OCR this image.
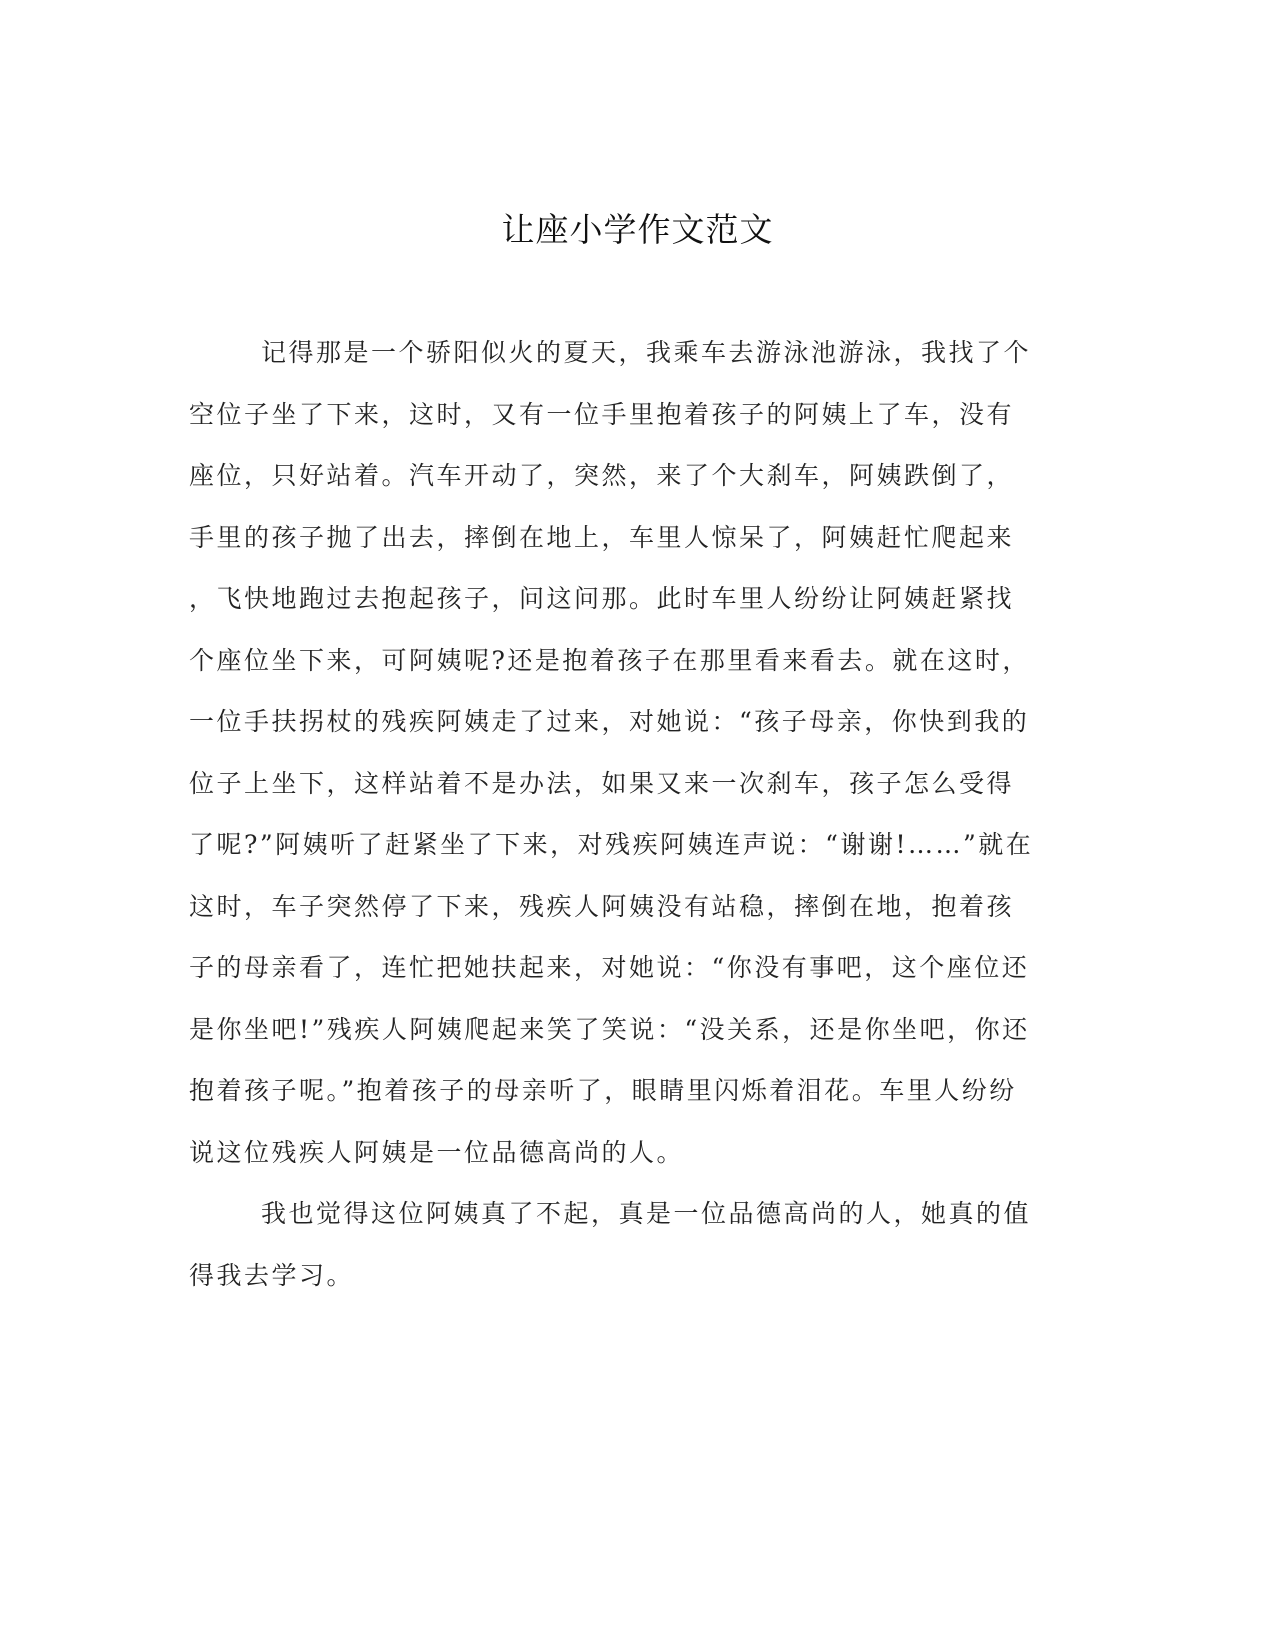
让座小学作文范文
记得那是一个骄阳似火的夏天，我乘车去游泳池游泳，我找了个
空位子坐了下来，这时，又有一位手里抱着孩子的阿姨上了车，没有
座位，只好站着。汽车开动了，突然，来了个大刹车，阿姨跌倒了，
手里的孩子抛了出去，摔倒在地上，车里人惊呆了，阿姨赶忙爬起来
，飞快地跑过去抱起孩子，问这问那。此时车里人纷纷让阿姨赶紧找
个座位坐下来，可阿姨呢?还是抱着孩子在那里看来看去。就在这时，
一位手扶拐杖的残疾阿姨走了过来，对她说：“孩子母亲，你快到我的
位子上坐下，这样站着不是办法，如果又来一次刹车，孩子怎么受得
了呢?”阿姨听了赶紧坐了下来，对残疾阿姨连声说：“谢谢!……”就在
这时，车子突然停了下来，残疾人阿姨没有站稳，摔倒在地，抱着孩
子的母亲看了，连忙把她扶起来，对她说：“你没有事吧，这个座位还
是你坐吧!”残疾人阿姨爬起来笑了笑说：“没关系，还是你坐吧，你还
抱着孩子呢。”抱着孩子的母亲听了，眼睛里闪烁着泪花。车里人纷纷
说这位残疾人阿姨是一位品德高尚的人。
我也觉得这位阿姨真了不起，真是一位品德高尚的人，她真的值
得我去学习。
